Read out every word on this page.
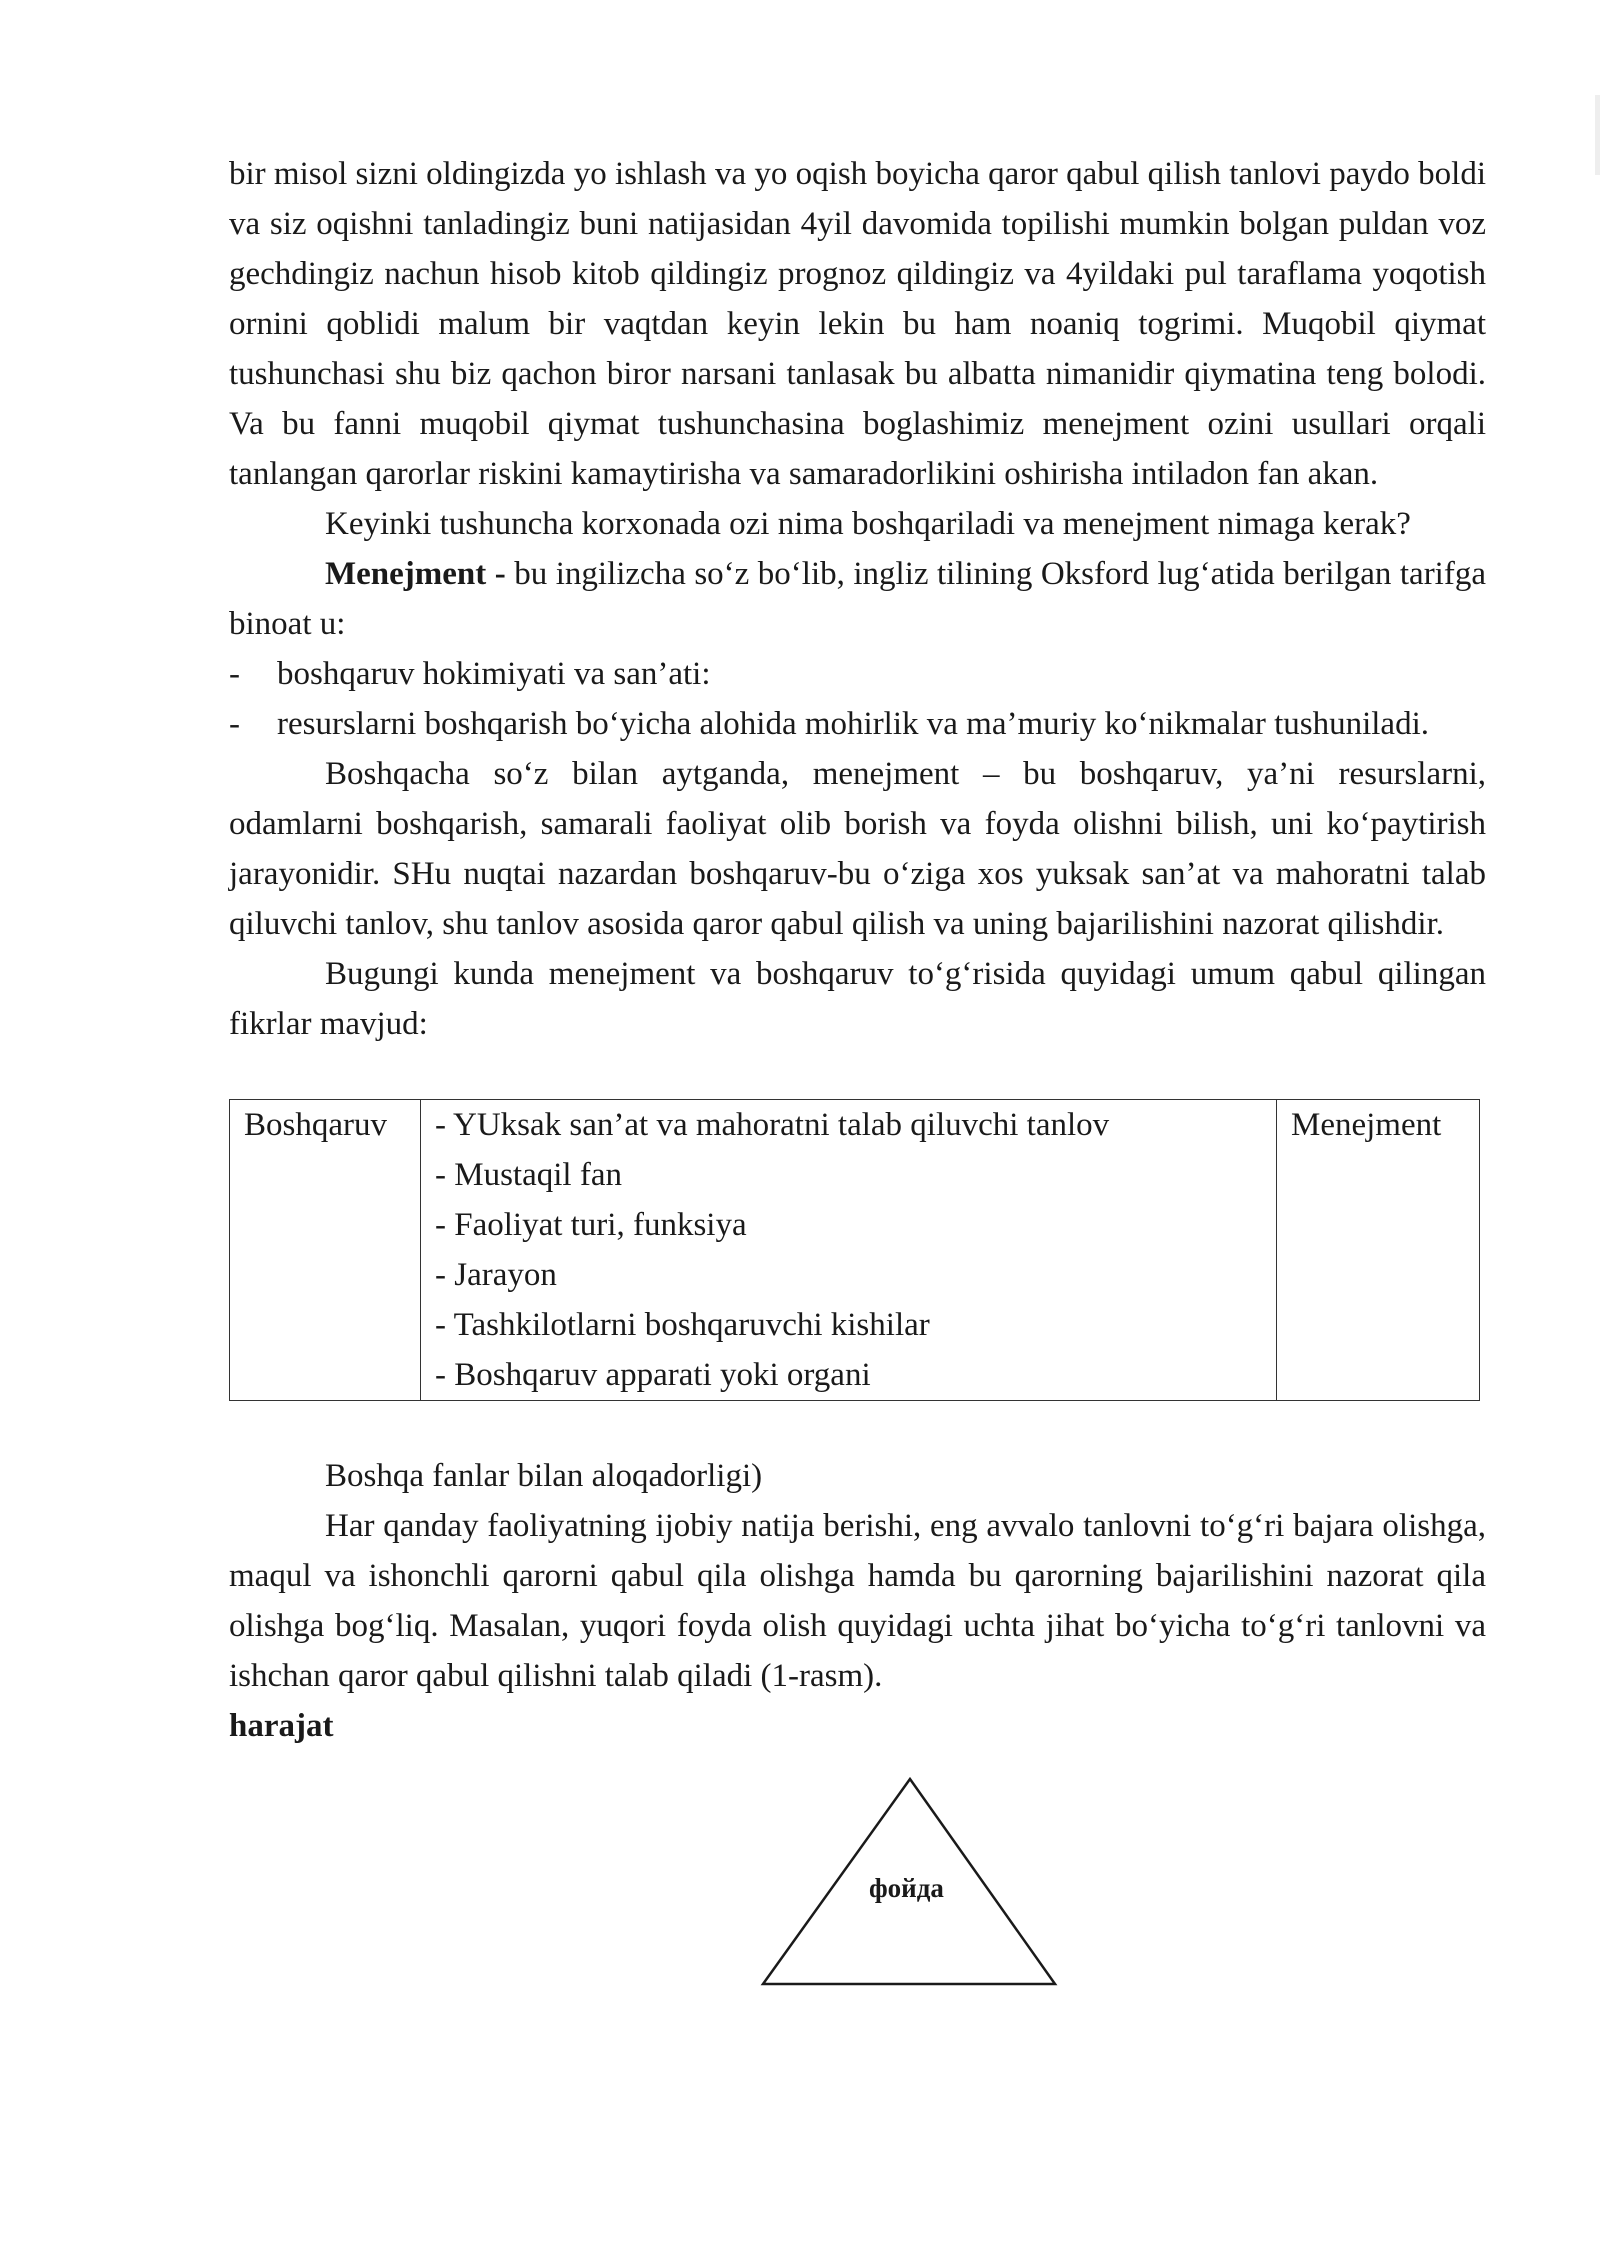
bir misol sizni oldingizda yo ishlash va yo oqish boyicha qaror qabul qilish tanlovi paydo boldi va siz oqishni tanladingiz buni natijasidan 4yil davomida topilishi mumkin bolgan puldan voz gechdingiz nachun hisob kitob qildingiz prognoz qildingiz va 4yildaki pul taraflama yoqotish ornini qoblidi malum bir vaqtdan keyin lekin bu ham noaniq togrimi. Muqobil qiymat tushunchasi shu biz qachon biror narsani tanlasak bu albatta nimanidir qiymatina teng bolodi. Va bu fanni muqobil qiymat tushunchasina boglashimiz menejment ozini usullari orqali tanlangan qarorlar riskini kamaytirisha va samaradorlikini oshirisha intiladon fan akan.

Keyinki tushuncha korxonada ozi nima boshqariladi va menejment nimaga kerak?

Menejment - bu ingilizcha so‘z bo‘lib, ingliz tilining Oksford lug‘atida berilgan tarifga binoat u:

-	boshqaruv hokimiyati va san’ati:
-	resurslarni boshqarish bo‘yicha alohida mohirlik va ma’muriy ko‘nikmalar tushuniladi.

Boshqacha so‘z bilan aytganda, menejment – bu boshqaruv, ya’ni resurslarni, odamlarni boshqarish, samarali faoliyat olib borish va foyda olishni bilish, uni ko‘paytirish jarayonidir. SHu nuqtai nazardan boshqaruv-bu o‘ziga xos yuksak san’at va mahoratni talab qiluvchi tanlov, shu tanlov asosida qaror qabul qilish va uning bajarilishini nazorat qilishdir.

Bugungi kunda menejment va boshqaruv to‘g‘risida quyidagi umum qabul qilingan fikrlar mavjud:

Boshqaruv	- YUksak san’at va mahoratni talab qiluvchi tanlov
- Mustaqil fan
- Faoliyat turi, funksiya
- Jarayon
- Tashkilotlarni boshqaruvchi kishilar
- Boshqaruv apparati yoki organi
	Menejment

Boshqa fanlar bilan aloqadorligi)

Har qanday faoliyatning ijobiy natija berishi, eng avvalo tanlovni to‘g‘ri bajara olishga, maqul va ishonchli qarorni qabul qila olishga hamda bu qarorning bajarilishini nazorat qila olishga bog‘liq. Masalan, yuqori foyda olish quyidagi uchta jihat bo‘yicha to‘g‘ri tanlovni va ishchan qaror qabul qilishni talab qiladi (1-rasm).

harajat

фойда
